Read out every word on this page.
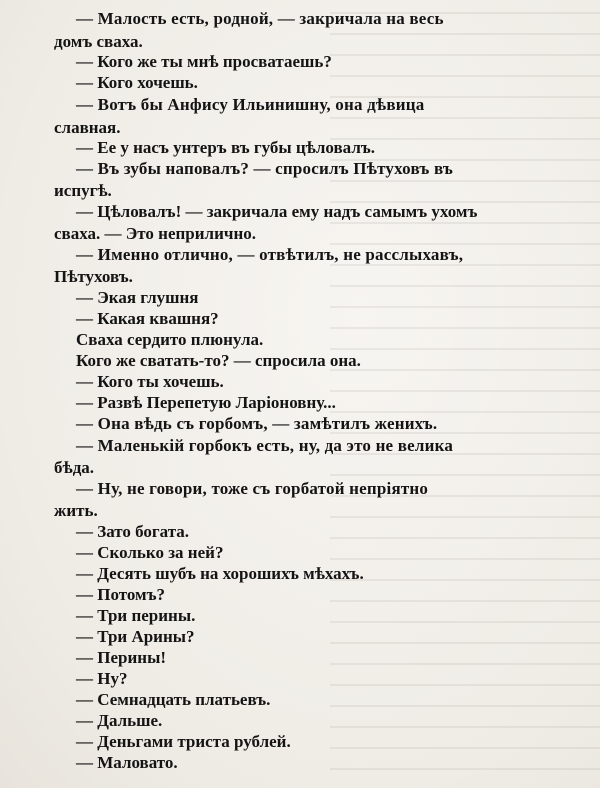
— Малость есть, родной, — закричала на весь
домъ сваха.
— Кого же ты мнѣ просватаешь?
— Кого хочешь.
— Вотъ бы Анфису Ильинишну, она дѣвица
славная.
— Ее у насъ унтеръ въ губы цѣловалъ.
— Въ зубы наповалъ? — спросилъ Пѣтуховъ въ
испугѣ.
— Цѣловалъ! — закричала ему надъ самымъ ухомъ
сваха. — Это неприлично.
— Именно отлично, — отвѣтилъ, не расслыхавъ,
Пѣтуховъ.
— Экая глушня
— Какая квашня?
Сваха сердито плюнула.
Кого же сватать-то? — спросила она.
— Кого ты хочешь.
— Развѣ Перепетую Ларіоновну...
— Она вѣдь съ горбомъ, — замѣтилъ женихъ.
— Маленькій горбокъ есть, ну, да это не велика
бѣда.
— Ну, не говори, тоже съ горбатой непріятно
жить.
— Зато богата.
— Сколько за ней?
— Десять шубъ на хорошихъ мѣхахъ.
— Потомъ?
— Три перины.
— Три Арины?
— Перины!
— Ну?
— Семнадцать платьевъ.
— Дальше.
— Деньгами триста рублей.
— Маловато.
